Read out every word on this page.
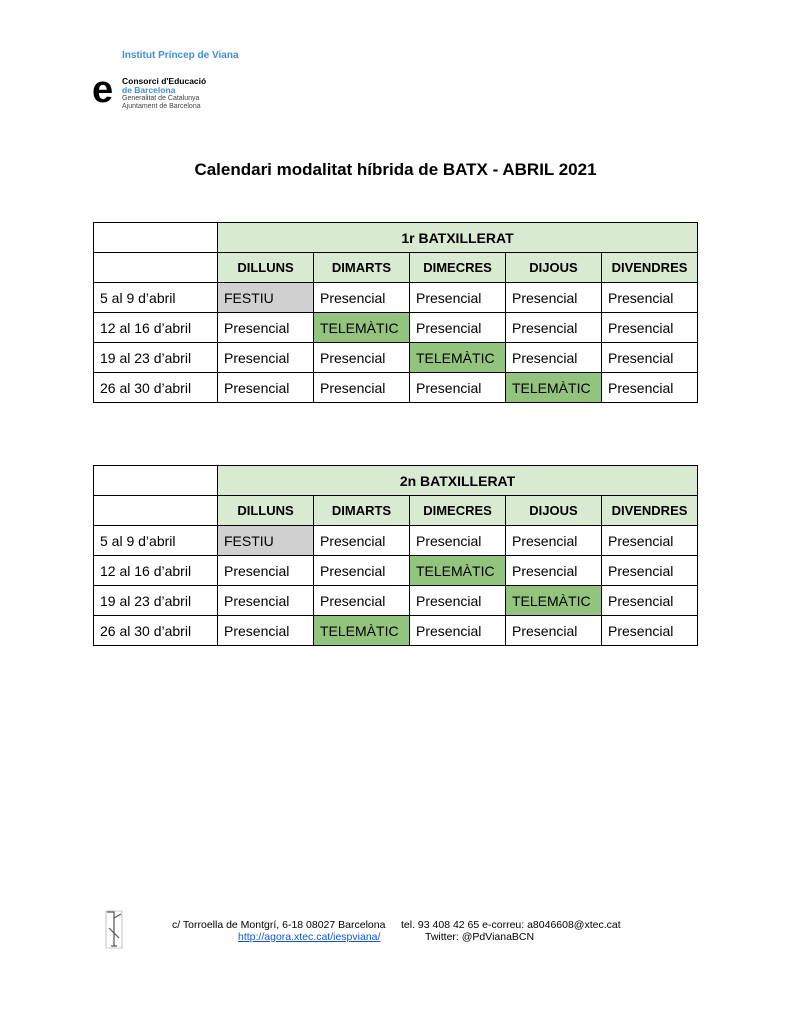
Institut Príncep de Viana
e	Consorci d'Educació
de Barcelona
Generalitat de Catalunya
Ajuntament de Barcelona
Calendari modalitat híbrida de BATX - ABRIL 2021
	1r BATXILLERAT				
	DILLUNS	DIMARTS	DIMECRES	DIJOUS	DIVENDRES
5 al 9 d’abril	FESTIU	Presencial	Presencial	Presencial	Presencial
12 al 16 d’abril	Presencial	TELEMÀTIC	Presencial	Presencial	Presencial
19 al 23 d’abril	Presencial	Presencial	TELEMÀTIC	Presencial	Presencial
26 al 30 d’abril	Presencial	Presencial	Presencial	TELEMÀTIC	Presencial
	2n BATXILLERAT				
	DILLUNS	DIMARTS	DIMECRES	DIJOUS	DIVENDRES
5 al 9 d’abril	FESTIU	Presencial	Presencial	Presencial	Presencial
12 al 16 d’abril	Presencial	Presencial	TELEMÀTIC	Presencial	Presencial
19 al 23 d’abril	Presencial	Presencial	Presencial	TELEMÀTIC	Presencial
26 al 30 d’abril	Presencial	TELEMÀTIC	Presencial	Presencial	Presencial
c/ Torroella de Montgrí, 6-18 08027 Barcelona tel. 93 408 42 65 e-correu: a8046608@xtec.cat
http://agora.xtec.cat/iespviana/	Twitter: @PdVianaBCN
